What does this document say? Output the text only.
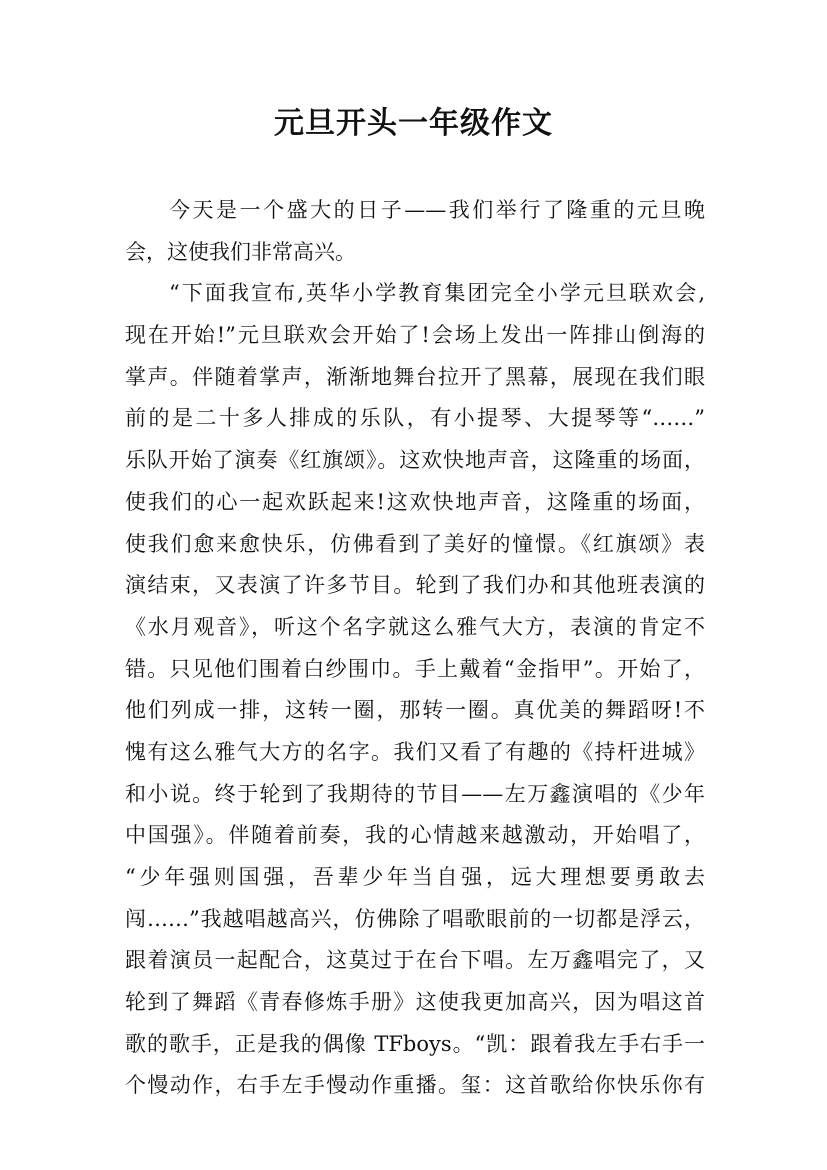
元旦开头一年级作文
今天是一个盛大的日子——我们举行了隆重的元旦晚
会，这使我们非常高兴。
“下面我宣布,英华小学教育集团完全小学元旦联欢会,
现在开始!”元旦联欢会开始了!会场上发出一阵排山倒海的
掌声。伴随着掌声，渐渐地舞台拉开了黑幕，展现在我们眼
前的是二十多人排成的乐队，有小提琴、大提琴等“……”
乐队开始了演奏《红旗颂》。这欢快地声音，这隆重的场面，
使我们的心一起欢跃起来!这欢快地声音，这隆重的场面，
使我们愈来愈快乐，仿佛看到了美好的憧憬。《红旗颂》表
演结束，又表演了许多节目。轮到了我们办和其他班表演的
《水月观音》，听这个名字就这么雅气大方，表演的肯定不
错。只见他们围着白纱围巾。手上戴着“金指甲”。开始了，
他们列成一排，这转一圈，那转一圈。真优美的舞蹈呀!不
愧有这么雅气大方的名字。我们又看了有趣的《持杆进城》
和小说。终于轮到了我期待的节目——左万鑫演唱的《少年
中国强》。伴随着前奏，我的心情越来越激动，开始唱了，
“少年强则国强，吾辈少年当自强，远大理想要勇敢去
闯……”我越唱越高兴，仿佛除了唱歌眼前的一切都是浮云，
跟着演员一起配合，这莫过于在台下唱。左万鑫唱完了，又
轮到了舞蹈《青春修炼手册》这使我更加高兴，因为唱这首
歌的歌手，正是我的偶像 TFboys。“凯：跟着我左手右手一
个慢动作，右手左手慢动作重播。玺：这首歌给你快乐你有
